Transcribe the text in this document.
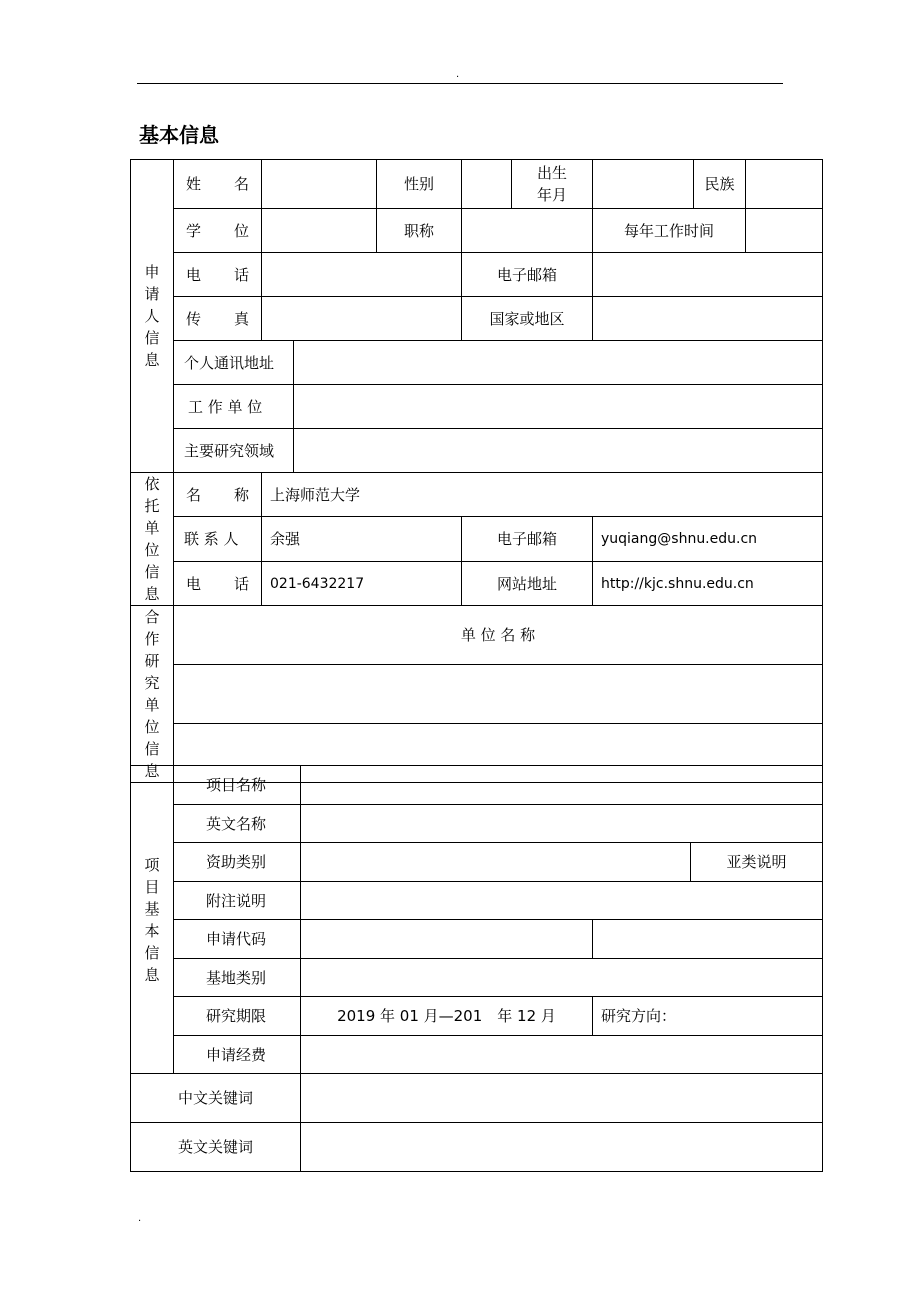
.
基本信息
申请人信息	姓 名			性别		出生年月		民族	

	学 位			职称			每年工作时间		

	电 话				电子邮箱				

	传 真				国家或地区				
	个人通讯地址								
	工 作 单 位								
	主要研究领域								
依托单位信息	名 称	上海师范大学							
	联 系 人	余强			电子邮箱		yuqiang@shnu.edu.cn		

	电 话	021-6432217			网站地址		http://kjc.shnu.edu.cn		
合作研究单位信息	单 位 名 称								

项目基本信息	项目名称				
	英文名称				
	资助类别			亚类说明	
	附注说明				
	申请代码				
	基地类别				
	研究期限	2019 年 01 月—201　年 12 月	研究方向：		
	申请经费				
中文关键词					
英文关键词					
.
